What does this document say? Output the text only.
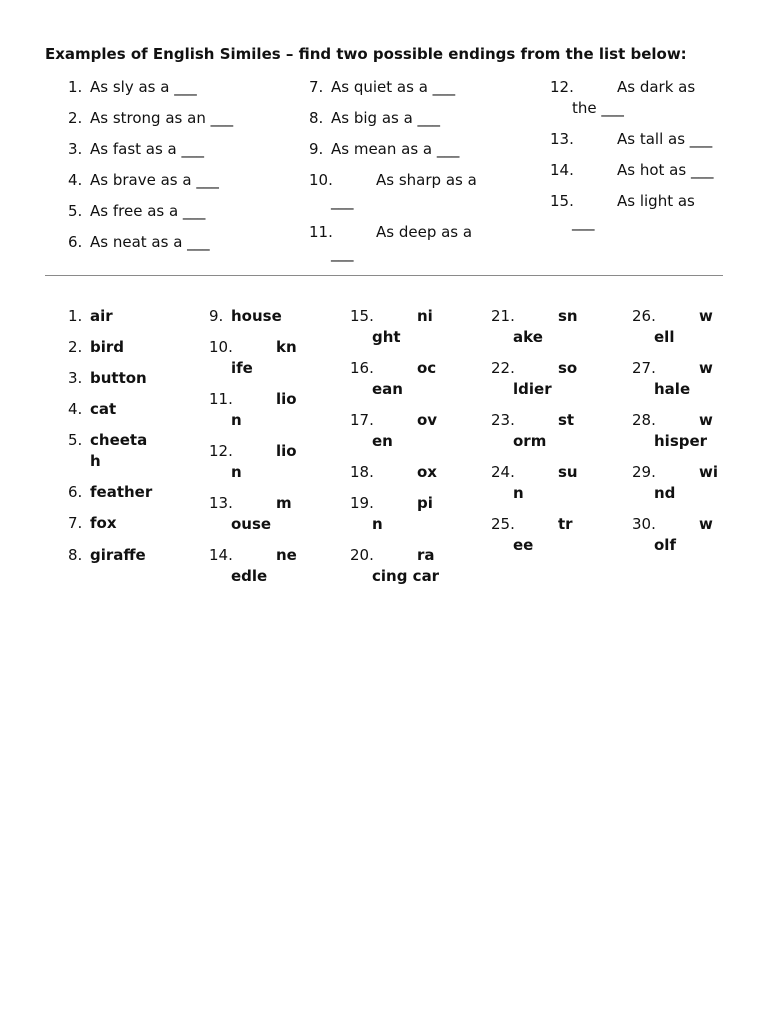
Examples of English Similes – find two possible endings from the list below:
1. As sly as a ___
2. As strong as an ___
3. As fast as a ___
4. As brave as a ___
5. As free as a ___
6. As neat as a ___
7. As quiet as a ___
8. As big as a ___
9. As mean as a ___
10.	As sharp as a
___
11.	As deep as a
___
12.	As dark as
the ___
13.	As tall as ___
14.	As hot as ___
15.	As light as
___
1. air
2. bird
3. button
4. cat
5. cheeta
h
6. feather
7. fox
8. giraffe
9. house
10.	kn
ife
11.	lio
n
12.	lio
n
13.	m
ouse
14.	ne
edle
15.	ni
ght
16.	oc
ean
17.	ov
en
18.	ox
19.	pi
n
20.	ra
cing car
21.	sn
ake
22.	so
ldier
23.	st
orm
24.	su
n
25.	tr
ee
26.	w
ell
27.	w
hale
28.	w
hisper
29.	wi
nd
30.	w
olf
